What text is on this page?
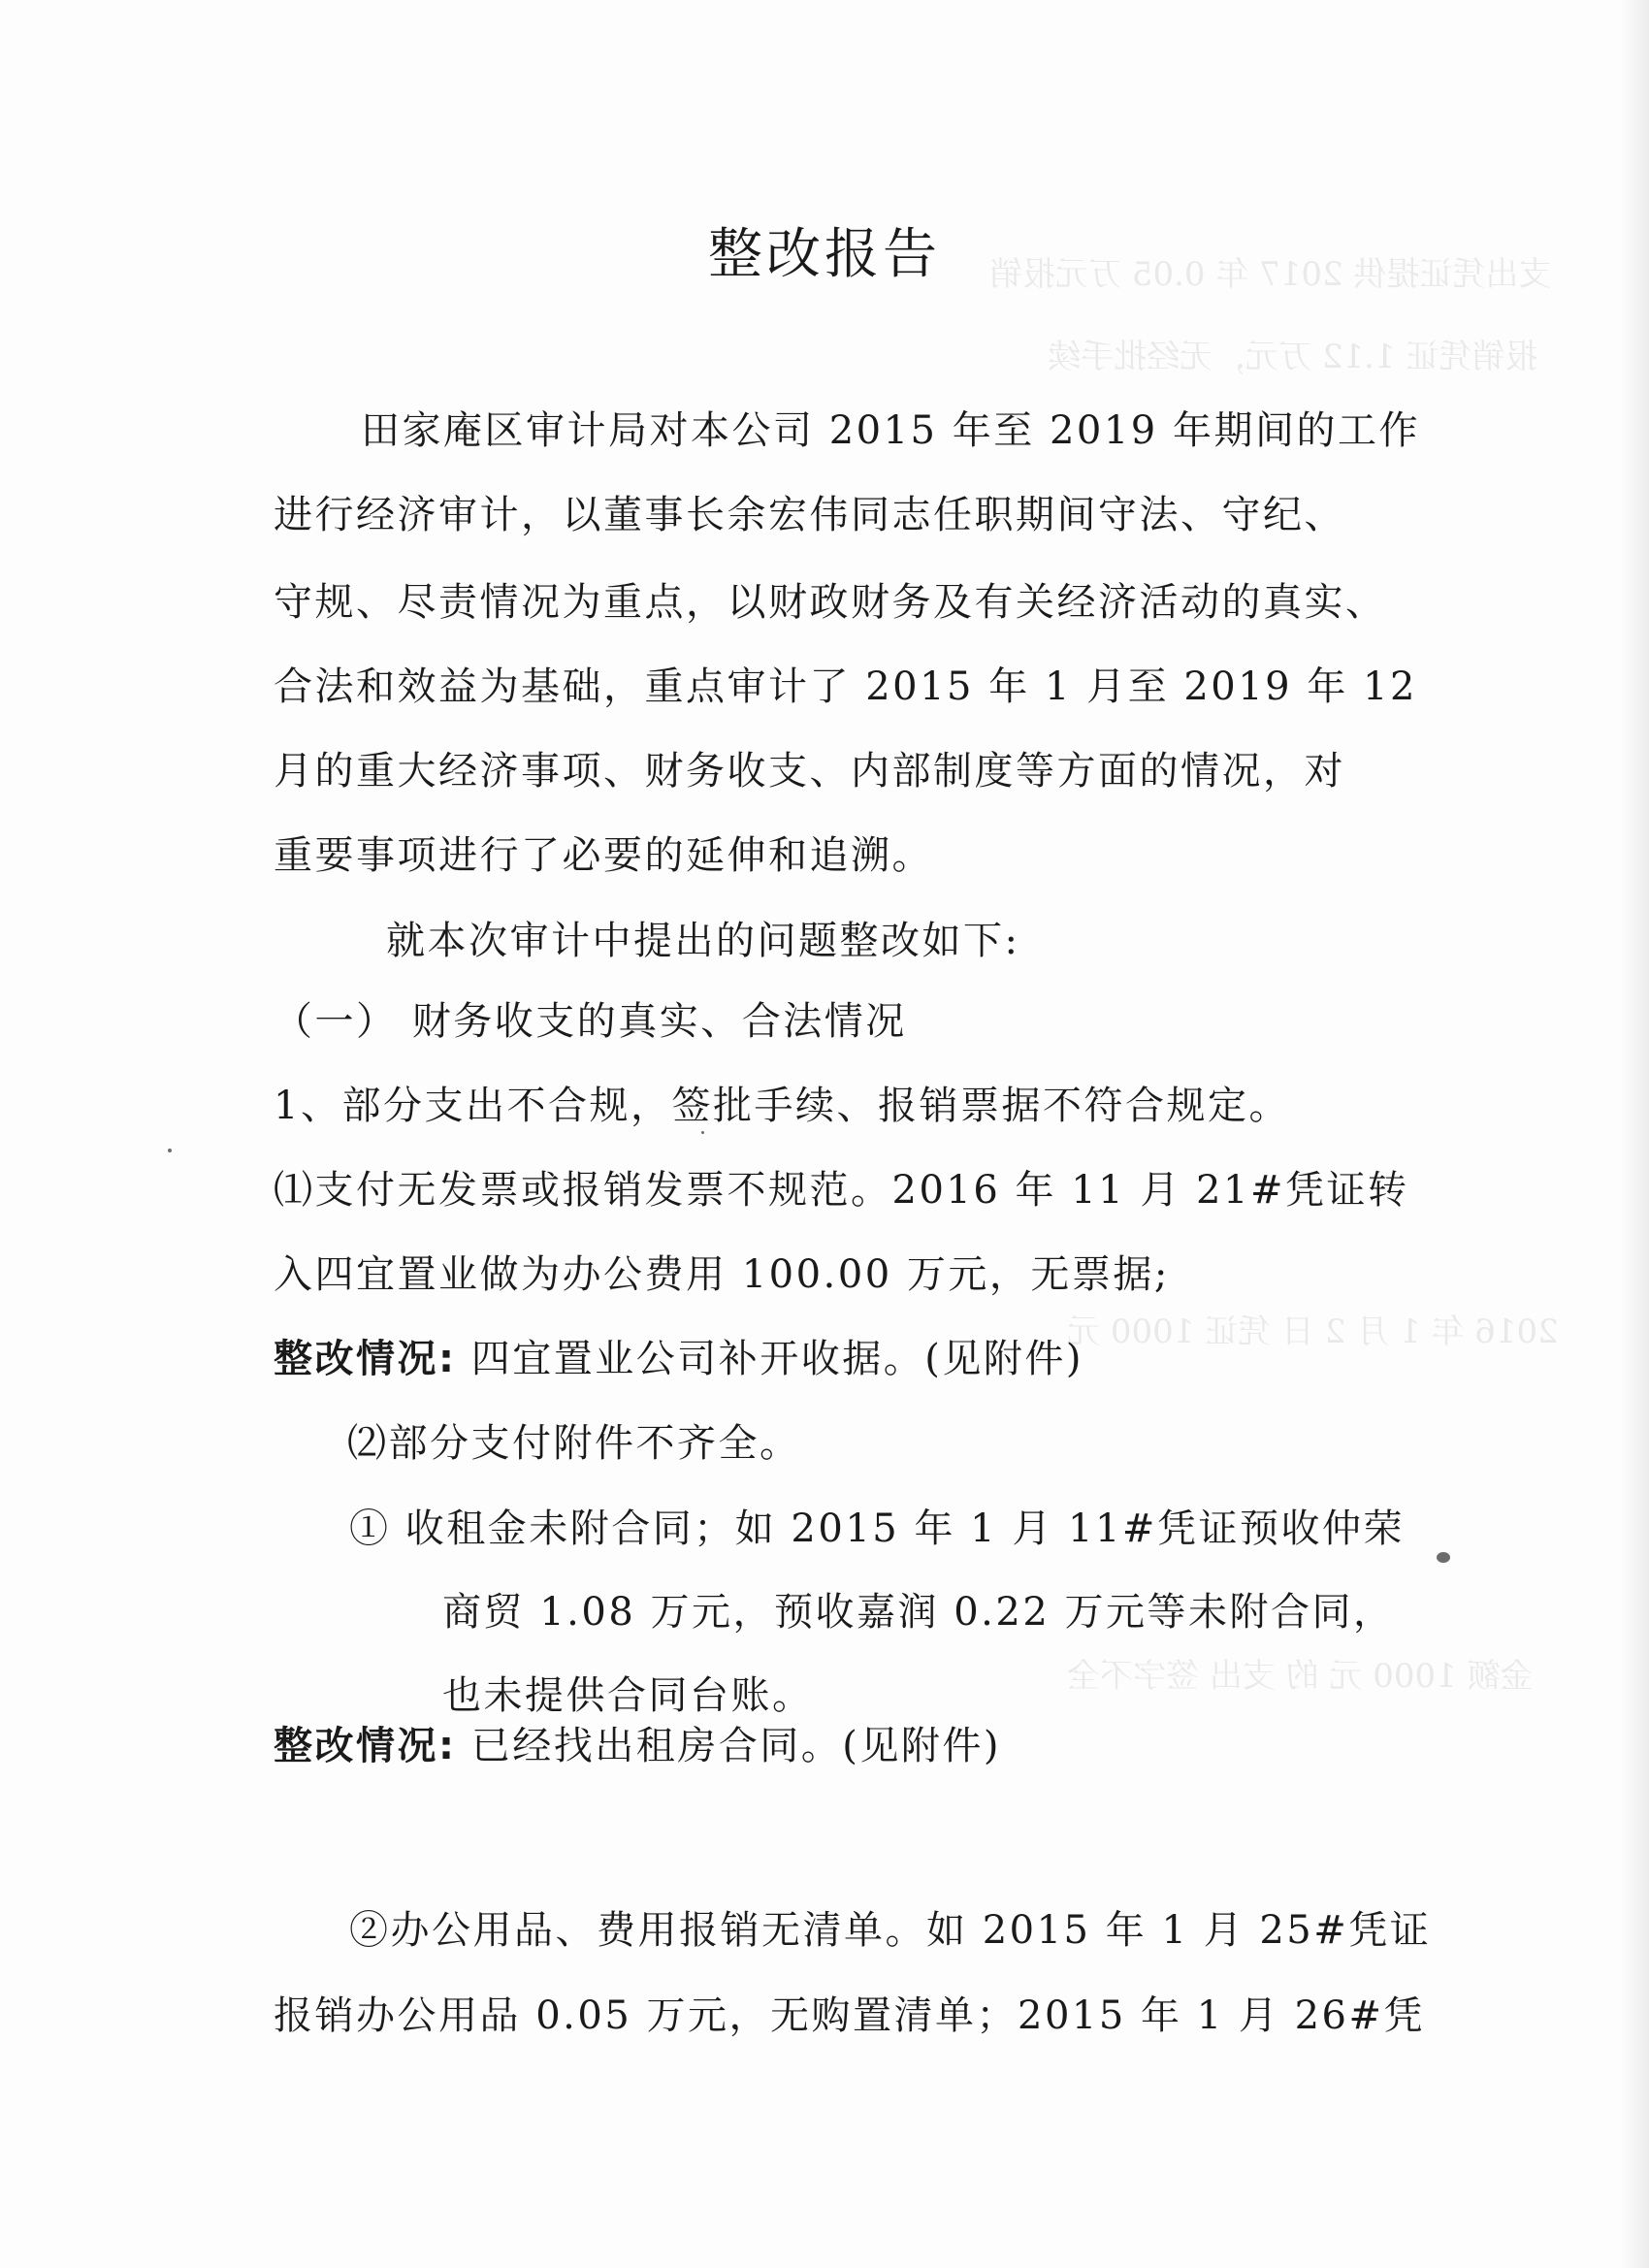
支出凭证提供 2017 年 0.05 万元报销
报销凭证 1.12 万元，无经批手续
2016 年 1 月 2 日 凭证 1000 元
金额 1000 元 的 支出 签字不全
整改报告
田家庵区审计局对本公司 2015 年至 2019 年期间的工作
进行经济审计，以董事长余宏伟同志任职期间守法、守纪、
守规、尽责情况为重点，以财政财务及有关经济活动的真实、
合法和效益为基础，重点审计了 2015 年 1 月至 2019 年 12
月的重大经济事项、财务收支、内部制度等方面的情况，对
重要事项进行了必要的延伸和追溯。
就本次审计中提出的问题整改如下:
（一） 财务收支的真实、合法情况
1、部分支出不合规，签批手续、报销票据不符合规定。
⑴支付无发票或报销发票不规范。2016 年 11 月 21#凭证转
入四宜置业做为办公费用 100.00 万元，无票据;
整改情况: 四宜置业公司补开收据。(见附件)
⑵部分支付附件不齐全。
① 收租金未附合同；如 2015 年 1 月 11#凭证预收仲荣
商贸 1.08 万元，预收嘉润 0.22 万元等未附合同，
也未提供合同台账。
整改情况: 已经找出租房合同。(见附件)
②办公用品、费用报销无清单。如 2015 年 1 月 25#凭证
报销办公用品 0.05 万元，无购置清单；2015 年 1 月 26#凭
